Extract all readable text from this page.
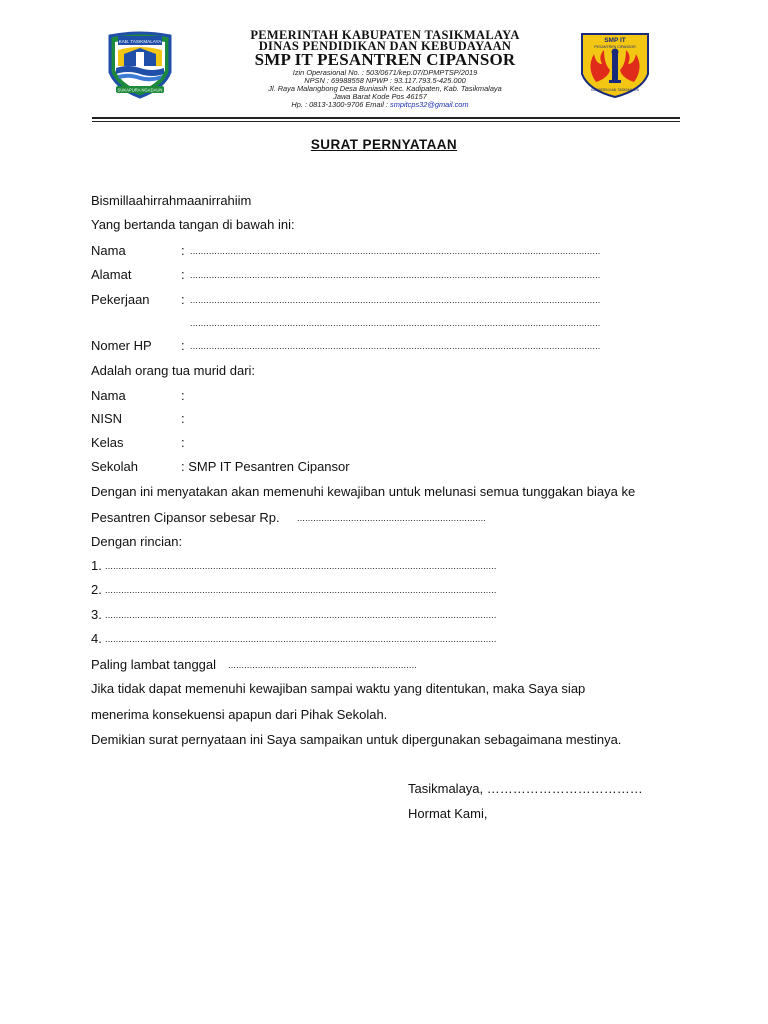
KAB. TASIKMALAYA
SUKAPURA NGADAUN
SMP IT
PESANTREN CIPANSOR
KADIPATEN KAB. TASIKMALAYA
PEMERINTAH KABUPATEN TASIKMALAYA
DINAS PENDIDIKAN DAN KEBUDAYAAN
SMP IT PESANTREN CIPANSOR
Izin Operasional No. : 503/0671/kep.07/DPMPTSP/2019
NPSN : 69988558 NPWP : 93.117.793.5-425.000
Jl. Raya Malangbong Desa Buniasih Kec. Kadipaten, Kab. Tasikmalaya
Jawa Barat Kode Pos 46157
Hp. : 0813-1300-9706 Email : smpitcps32@gmail.com
SURAT PERNYATAAN
Bismillaahirrahmaanirrahiim
Yang bertanda tangan di bawah ini:
Nama	: ........................................................................................................................................................
Alamat	: ........................................................................................................................................................
Pekerjaan : ........................................................................................................................................................
........................................................................................................................................................
Nomer HP : ........................................................................................................................................................
Adalah orang tua murid dari:
Nama	:
NISN	:
Kelas	:
Sekolah	: SMP IT Pesantren Cipansor
Dengan ini menyatakan akan memenuhi kewajiban untuk melunasi semua tunggakan biaya ke
Pesantren Cipansor sebesar Rp. ......................................................................
Dengan rincian:
1. .................................................................................................................................................
2. .................................................................................................................................................
3. .................................................................................................................................................
4. .................................................................................................................................................
Paling lambat tanggal ......................................................................
Jika tidak dapat memenuhi kewajiban sampai waktu yang ditentukan, maka Saya siap
menerima konsekuensi apapun dari Pihak Sekolah.
Demikian surat pernyataan ini Saya sampaikan untuk dipergunakan sebagaimana mestinya.
Tasikmalaya, ………………………………
Hormat Kami,
